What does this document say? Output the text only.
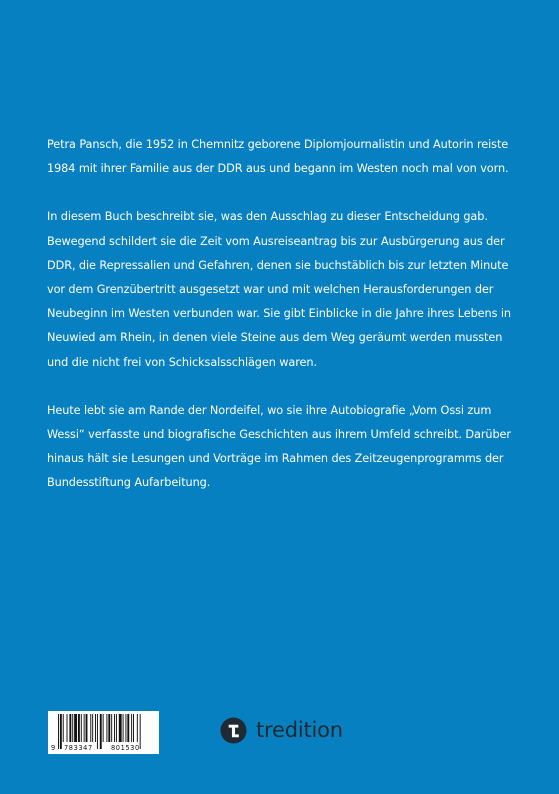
Petra Pansch, die 1952 in Chemnitz geborene Diplomjournalistin und Autorin reiste 1984 mit ihrer Familie aus der DDR aus und begann im Westen noch mal von vorn.

In diesem Buch beschreibt sie, was den Ausschlag zu dieser Entscheidung gab. Bewegend schildert sie die Zeit vom Ausreiseantrag bis zur Ausbürgerung aus der DDR, die Repressalien und Gefahren, denen sie buchstäblich bis zur letzten Minute vor dem Grenzübertritt ausgesetzt war und mit welchen Herausforderungen der Neubeginn im Westen verbunden war. Sie gibt Einblicke in die Jahre ihres Lebens in Neuwied am Rhein, in denen viele Steine aus dem Weg geräumt werden mussten und die nicht frei von Schicksalsschlägen waren.

Heute lebt sie am Rande der Nordeifel, wo sie ihre Autobiografie „Vom Ossi zum Wessi“ verfasste und biografische Geschichten aus ihrem Umfeld schreibt. Darüber hinaus hält sie Lesungen und Vorträge im Rahmen des Zeitzeugenprogramms der Bundesstiftung Aufarbeitung.

9 783347	801530
tredition
